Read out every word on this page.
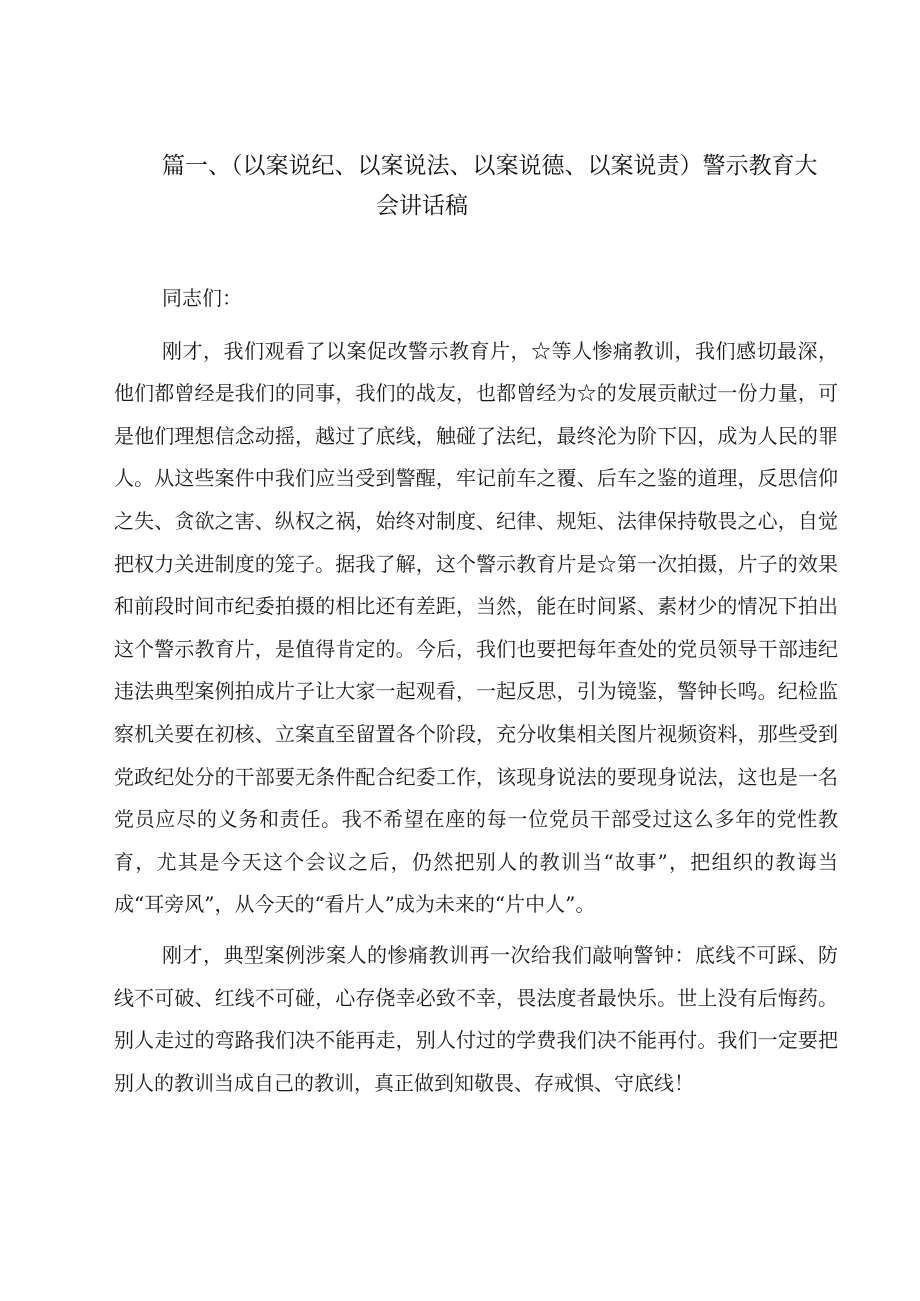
篇一、（以案说纪、以案说法、以案说德、以案说责）警示教育大
会讲话稿

同志们：

刚才，我们观看了以案促改警示教育片，☆等人惨痛教训，我们感切最深，他们都曾经是我们的同事，我们的战友，也都曾经为☆的发展贡献过一份力量，可是他们理想信念动摇，越过了底线，触碰了法纪，最终沦为阶下囚，成为人民的罪人。从这些案件中我们应当受到警醒，牢记前车之覆、后车之鉴的道理，反思信仰之失、贪欲之害、纵权之祸，始终对制度、纪律、规矩、法律保持敬畏之心，自觉把权力关进制度的笼子。据我了解，这个警示教育片是☆第一次拍摄，片子的效果和前段时间市纪委拍摄的相比还有差距，当然，能在时间紧、素材少的情况下拍出这个警示教育片，是值得肯定的。今后，我们也要把每年查处的党员领导干部违纪违法典型案例拍成片子让大家一起观看，一起反思，引为镜鉴，警钟长鸣。纪检监察机关要在初核、立案直至留置各个阶段，充分收集相关图片视频资料，那些受到党政纪处分的干部要无条件配合纪委工作，该现身说法的要现身说法，这也是一名党员应尽的义务和责任。我不希望在座的每一位党员干部受过这么多年的党性教育，尤其是今天这个会议之后，仍然把别人的教训当“故事”，把组织的教诲当成“耳旁风”，从今天的“看片人”成为未来的“片中人”。

刚才，典型案例涉案人的惨痛教训再一次给我们敲响警钟：底线不可踩、防线不可破、红线不可碰，心存侥幸必致不幸，畏法度者最快乐。世上没有后悔药。别人走过的弯路我们决不能再走，别人付过的学费我们决不能再付。我们一定要把别人的教训当成自己的教训，真正做到知敬畏、存戒惧、守底线！
